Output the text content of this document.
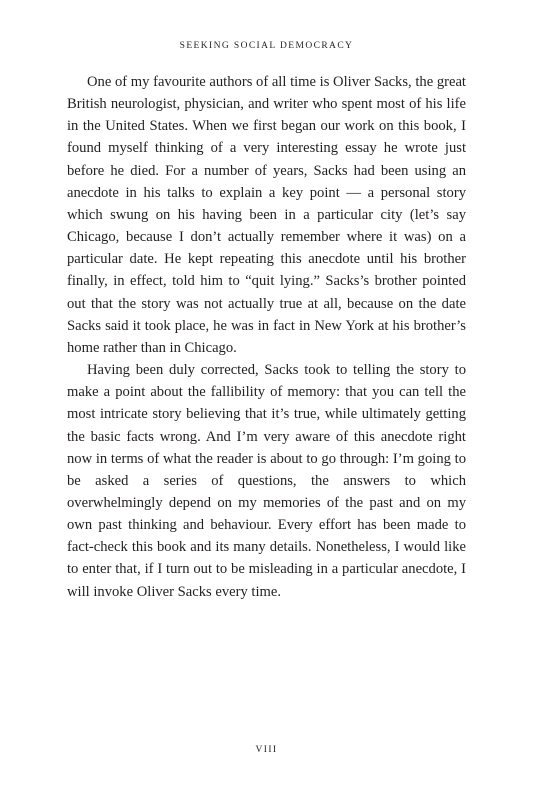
SEEKING SOCIAL DEMOCRACY

One of my favourite authors of all time is Oliver Sacks, the great British neurologist, physician, and writer who spent most of his life in the United States. When we first began our work on this book, I found myself thinking of a very interesting essay he wrote just before he died. For a number of years, Sacks had been using an anecdote in his talks to explain a key point — a personal story which swung on his having been in a particular city (let’s say Chicago, because I don’t actually remember where it was) on a particular date. He kept repeating this anecdote until his brother finally, in effect, told him to “quit lying.” Sacks’s brother pointed out that the story was not actually true at all, because on the date Sacks said it took place, he was in fact in New York at his brother’s home rather than in Chicago.

Having been duly corrected, Sacks took to telling the story to make a point about the fallibility of memory: that you can tell the most intricate story believing that it’s true, while ultimately getting the basic facts wrong. And I’m very aware of this anecdote right now in terms of what the reader is about to go through: I’m going to be asked a series of questions, the answers to which overwhelmingly depend on my memories of the past and on my own past thinking and behaviour. Every effort has been made to fact-check this book and its many details. Nonetheless, I would like to enter that, if I turn out to be misleading in a particular anecdote, I will invoke Oliver Sacks every time.

VIII
